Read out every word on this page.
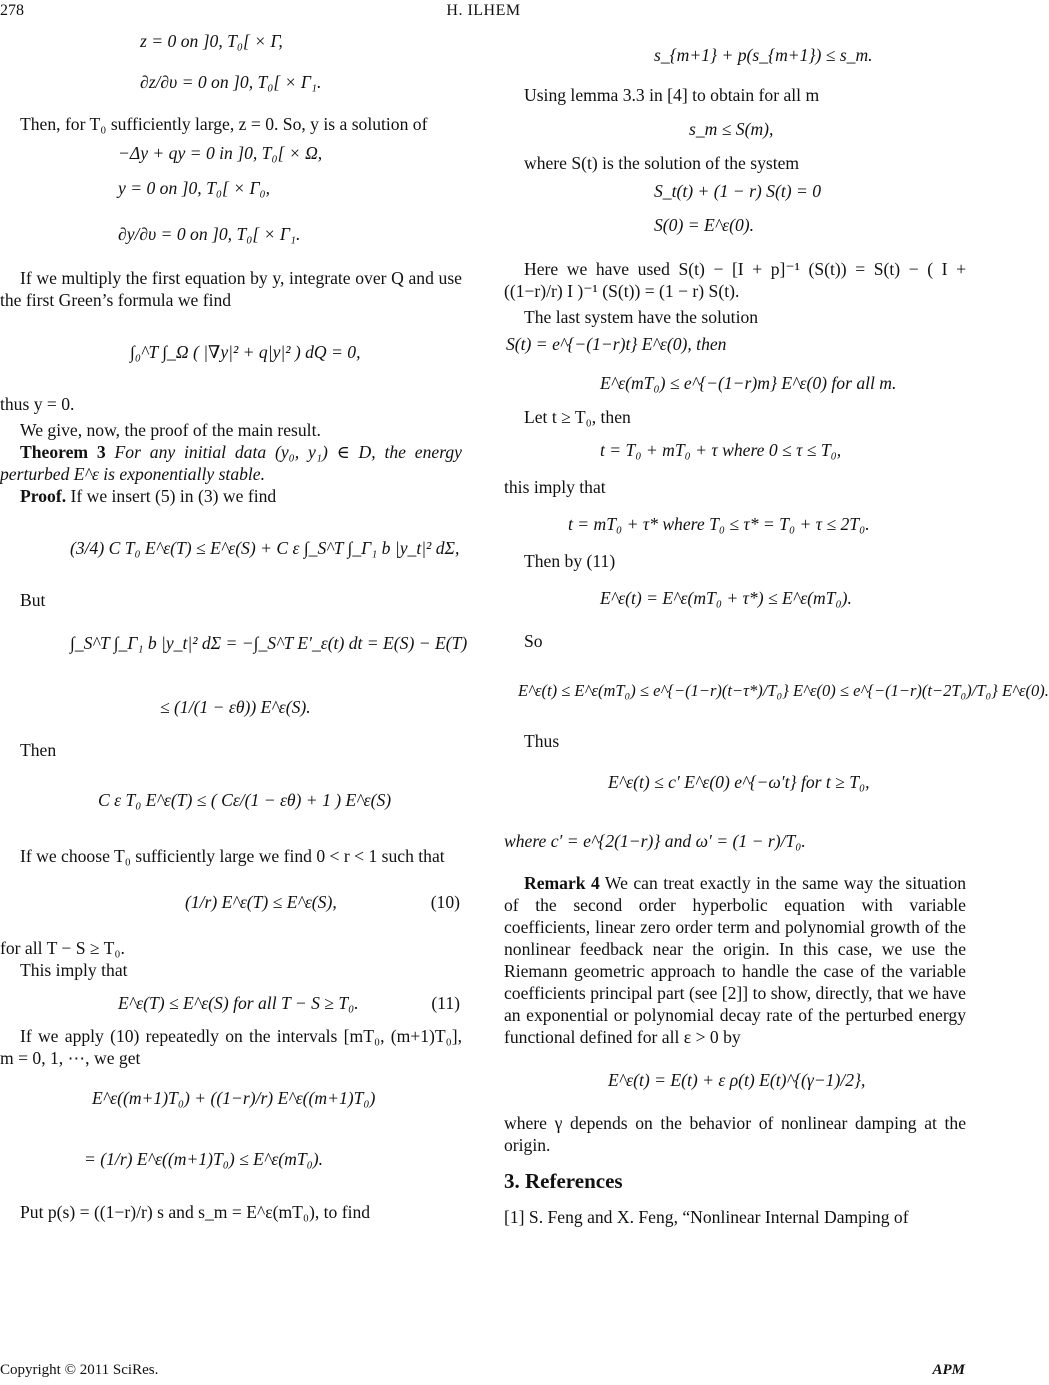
278	H. ILHEM
z = 0 on ]0, T₀[ × Γ,
∂z/∂υ = 0 on ]0, T₀[ × Γ₁.

Then, for T₀ sufficiently large, z = 0. So, y is a solution of

−Δy + qy = 0 in ]0, T₀[ × Ω,
y = 0 on ]0, T₀[ × Γ₀,
∂y/∂υ = 0 on ]0, T₀[ × Γ₁.

If we multiply the first equation by y, integrate over Q and use the first Green’s formula we find

∫₀^T ∫_Ω ( |∇y|² + q|y|² ) dQ = 0,

thus y = 0.

We give, now, the proof of the main result.

Theorem 3 For any initial data (y₀, y₁) ∈ D, the energy perturbed E^ε is exponentially stable.

Proof. If we insert (5) in (3) we find

(3/4) C T₀ E^ε(T) ≤ E^ε(S) + C ε ∫_S^T ∫_Γ₁ b |y_t|² dΣ,

But

∫_S^T ∫_Γ₁ b |y_t|² dΣ = −∫_S^T E′_ε(t) dt = E(S) − E(T)
≤ (1/(1 − εθ)) E^ε(S).

Then

C ε T₀ E^ε(T) ≤ ( Cε/(1 − εθ) + 1 ) E^ε(S)

If we choose T₀ sufficiently large we find 0 < r < 1 such that

(1/r) E^ε(T) ≤ E^ε(S),	(10)

for all T − S ≥ T₀.

This imply that

E^ε(T) ≤ E^ε(S) for all T − S ≥ T₀.	(11)

If we apply (10) repeatedly on the intervals [mT₀, (m+1)T₀], m = 0, 1, ⋯, we get

E^ε((m+1)T₀) + ((1−r)/r) E^ε((m+1)T₀)
= (1/r) E^ε((m+1)T₀) ≤ E^ε(mT₀).

Put p(s) = ((1−r)/r) s and s_m = E^ε(mT₀), to find

s_{m+1} + p(s_{m+1}) ≤ s_m.

Using lemma 3.3 in [4] to obtain for all m

s_m ≤ S(m),

where S(t) is the solution of the system

S_t(t) + (1 − r) S(t) = 0
S(0) = E^ε(0).

Here we have used S(t) − [I + p]⁻¹ (S(t)) = S(t) − ( I + ((1−r)/r) I )⁻¹ (S(t)) = (1 − r) S(t).

The last system have the solution

S(t) = e^{−(1−r)t} E^ε(0), then
E^ε(mT₀) ≤ e^{−(1−r)m} E^ε(0) for all m.

Let t ≥ T₀, then

t = T₀ + mT₀ + τ where 0 ≤ τ ≤ T₀,

this imply that

t = mT₀ + τ* where T₀ ≤ τ* = T₀ + τ ≤ 2T₀.

Then by (11)

E^ε(t) = E^ε(mT₀ + τ*) ≤ E^ε(mT₀).

So

E^ε(t) ≤ E^ε(mT₀) ≤ e^{−(1−r)(t−τ*)/T₀} E^ε(0) ≤ e^{−(1−r)(t−2T₀)/T₀} E^ε(0).

Thus

E^ε(t) ≤ c′ E^ε(0) e^{−ω′t} for t ≥ T₀,
where c′ = e^{2(1−r)} and ω′ = (1 − r)/T₀.

Remark 4 We can treat exactly in the same way the situation of the second order hyperbolic equation with variable coefficients, linear zero order term and polynomial growth of the nonlinear feedback near the origin. In this case, we use the Riemann geometric approach to handle the case of the variable coefficients principal part (see [2]] to show, directly, that we have an exponential or polynomial decay rate of the perturbed energy functional defined for all ε > 0 by

E^ε(t) = E(t) + ε ρ(t) E(t)^{(γ−1)/2},

where γ depends on the behavior of nonlinear damping at the origin.

3. References

[1] S. Feng and X. Feng, “Nonlinear Internal Damping of

Copyright © 2011 SciRes.	APM
